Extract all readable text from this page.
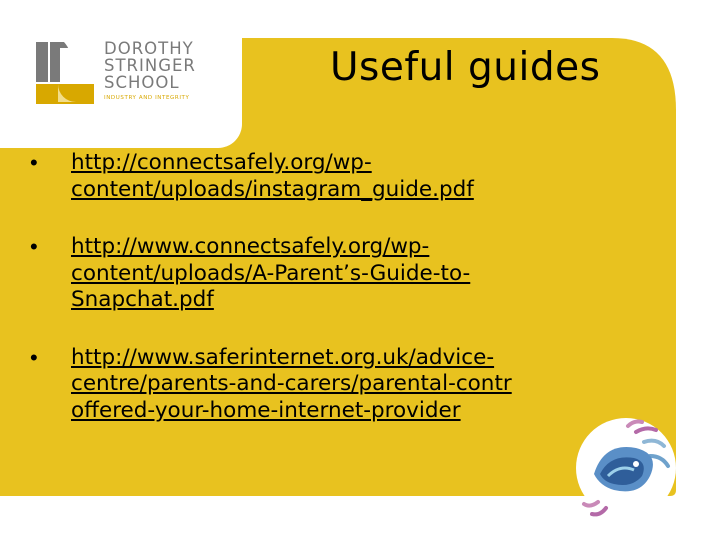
DOROTHY
STRINGER
SCHOOL
INDUSTRY AND INTEGRITY
Useful guides
• http://connectsafely.org/wp-
content/uploads/instagram_guide.pdf
• http://www.connectsafely.org/wp-
content/uploads/A-Parent’s-Guide-to-
Snapchat.pdf
• http://www.saferinternet.org.uk/advice-
centre/parents-and-carers/parental-contr
offered-your-home-internet-provider
